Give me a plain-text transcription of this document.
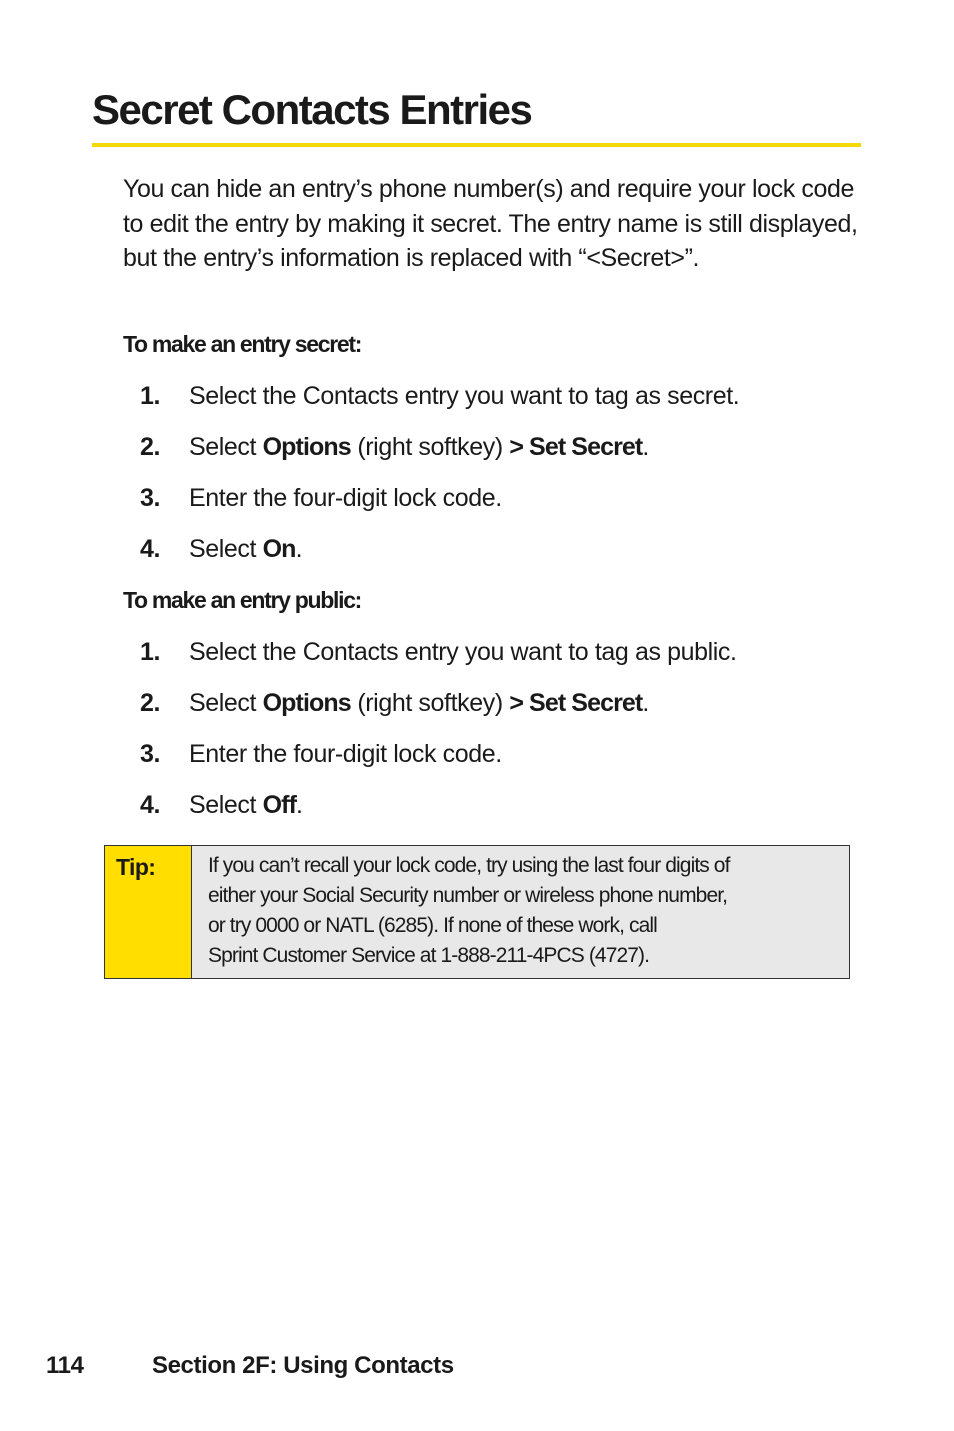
Secret Contacts Entries

You can hide an entry’s phone number(s) and require your lock code to edit the entry by making it secret. The entry name is still displayed, but the entry’s information is replaced with “<Secret>”.

To make an entry secret:
1. Select the Contacts entry you want to tag as secret.
2. Select Options (right softkey) > Set Secret.
3. Enter the four-digit lock code.
4. Select On.
To make an entry public:
1. Select the Contacts entry you want to tag as public.
2. Select Options (right softkey) > Set Secret.
3. Enter the four-digit lock code.
4. Select Off.
Tip:	If you can’t recall your lock code, try using the last four digits of
either your Social Security number or wireless phone number,
or try 0000 or NATL (6285). If none of these work, call
Sprint Customer Service at 1-888-211-4PCS (4727).

114	Section 2F: Using Contacts
